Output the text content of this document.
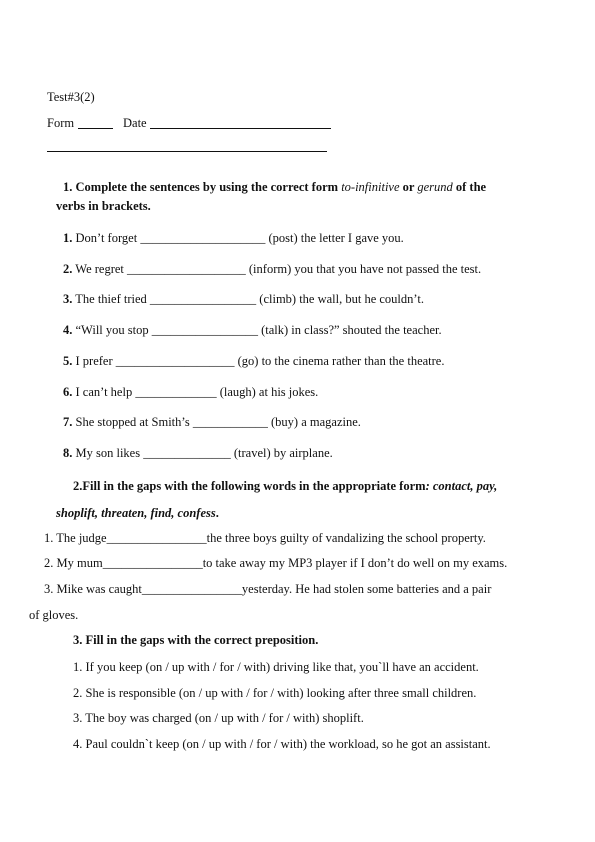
Test#3(2)
Form	Date
1. Complete the sentences by using the correct form to-infinitive or gerund of the
verbs in brackets.
1. Don’t forget ____________________ (post) the letter I gave you.
2. We regret ___________________ (inform) you that you have not passed the test.
3. The thief tried _________________ (climb) the wall, but he couldn’t.
4. “Will you stop _________________ (talk) in class?” shouted the teacher.
5. I prefer ___________________ (go) to the cinema rather than the theatre.
6. I can’t help _____________ (laugh) at his jokes.
7. She stopped at Smith’s ____________ (buy) a magazine.
8. My son likes ______________ (travel) by airplane.
2.Fill in the gaps with the following words in the appropriate form: contact, pay,
shoplift, threaten, find, confess.
1. The judge________________the three boys guilty of vandalizing the school property.
2. My mum________________to take away my MP3 player if I don’t do well on my exams.
3. Mike was caught________________yesterday. He had stolen some batteries and a pair
of gloves.
3. Fill in the gaps with the correct preposition.
1. If you keep (on / up with / for / with) driving like that, you`ll have an accident.
2. She is responsible (on / up with / for / with) looking after three small children.
3. The boy was charged (on / up with / for / with) shoplift.
4. Paul couldn`t keep (on / up with / for / with) the workload, so he got an assistant.
